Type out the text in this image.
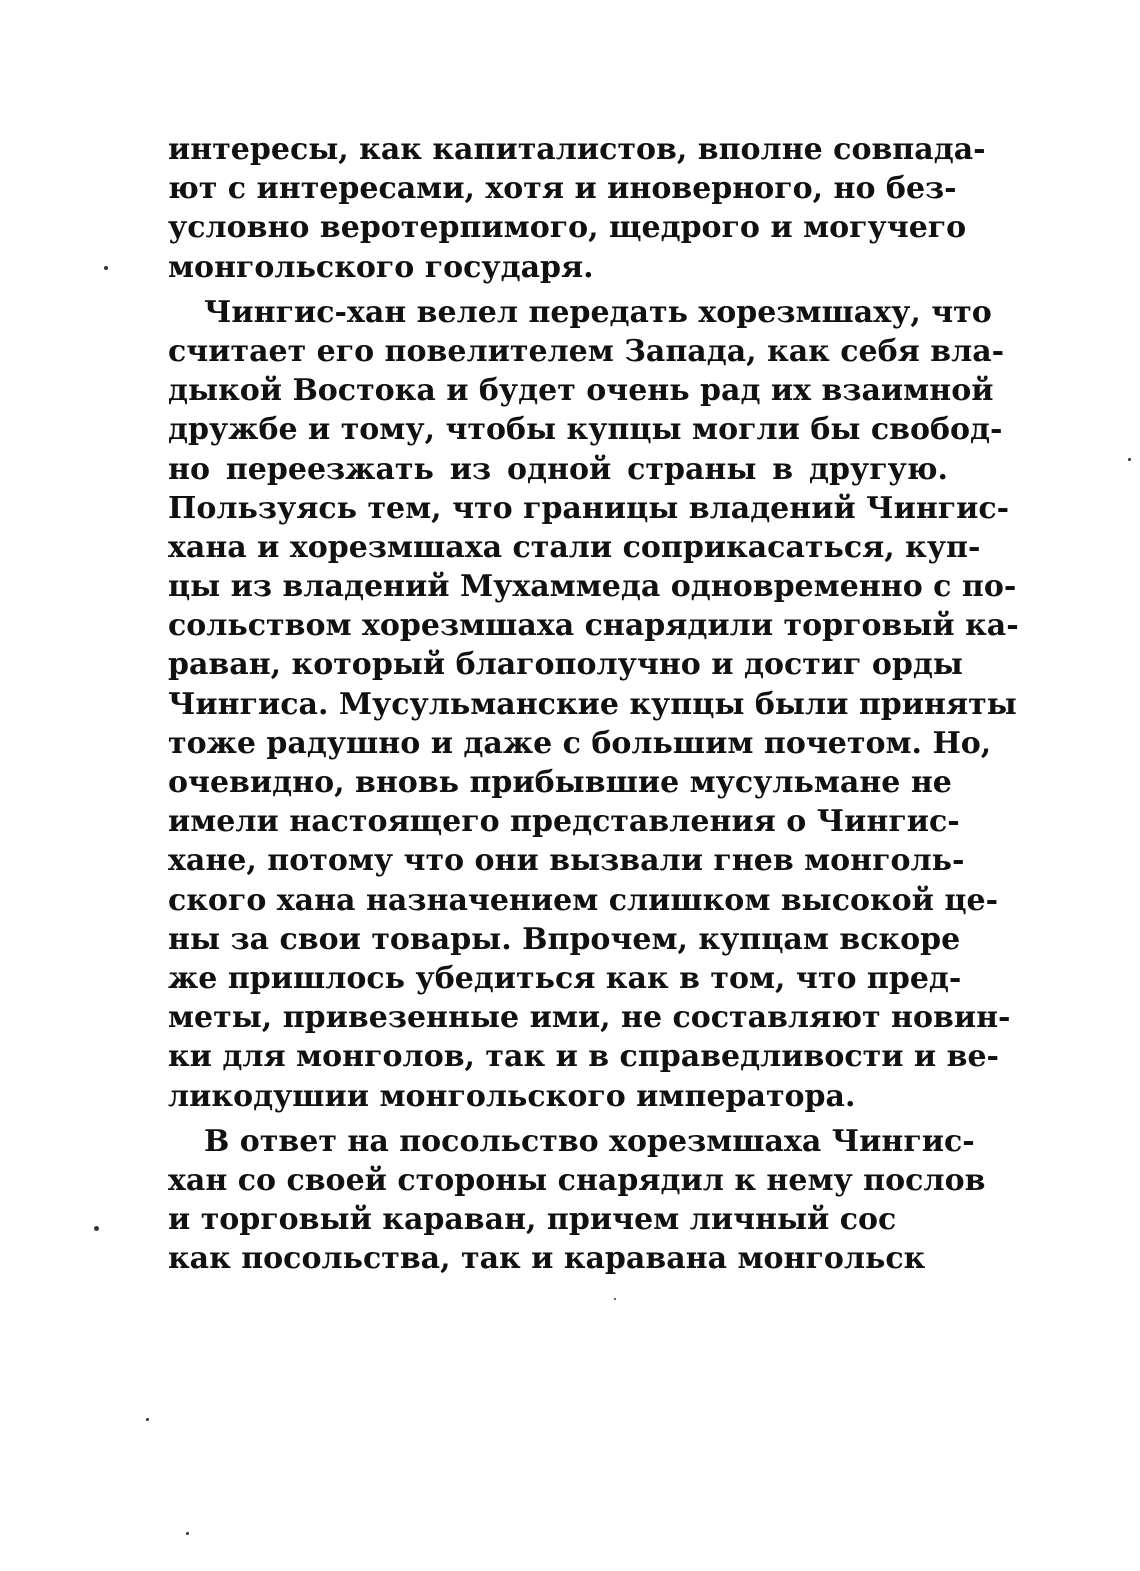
интересы, как капиталистов, вполне совпада-
ют с интересами, хотя и иноверного, но без-
условно веротерпимого, щедрого и могучего
монгольского государя.
Чингис-хан велел передать хорезмшаху, что
считает его повелителем Запада, как себя вла-
дыкой Востока и будет очень рад их взаимной
дружбе и тому, чтобы купцы могли бы свобод-
но переезжать из одной страны в другую.
Пользуясь тем, что границы владений Чингис-
хана и хорезмшаха стали соприкасаться, куп-
цы из владений Мухаммеда одновременно с по-
сольством хорезмшаха снарядили торговый ка-
раван, который благополучно и достиг орды
Чингиса. Мусульманские купцы были приняты
тоже радушно и даже с большим почетом. Но,
очевидно, вновь прибывшие мусульмане не
имели настоящего представления о Чингис-
хане, потому что они вызвали гнев монголь-
ского хана назначением слишком высокой це-
ны за свои товары. Впрочем, купцам вскоре
же пришлось убедиться как в том, что пред-
меты, привезенные ими, не составляют новин-
ки для монголов, так и в справедливости и ве-
ликодушии монгольского императора.
В ответ на посольство хорезмшаха Чингис-
хан со своей стороны снарядил к нему послов
и торговый караван, причем личный сос
как посольства, так и каравана монгольск
